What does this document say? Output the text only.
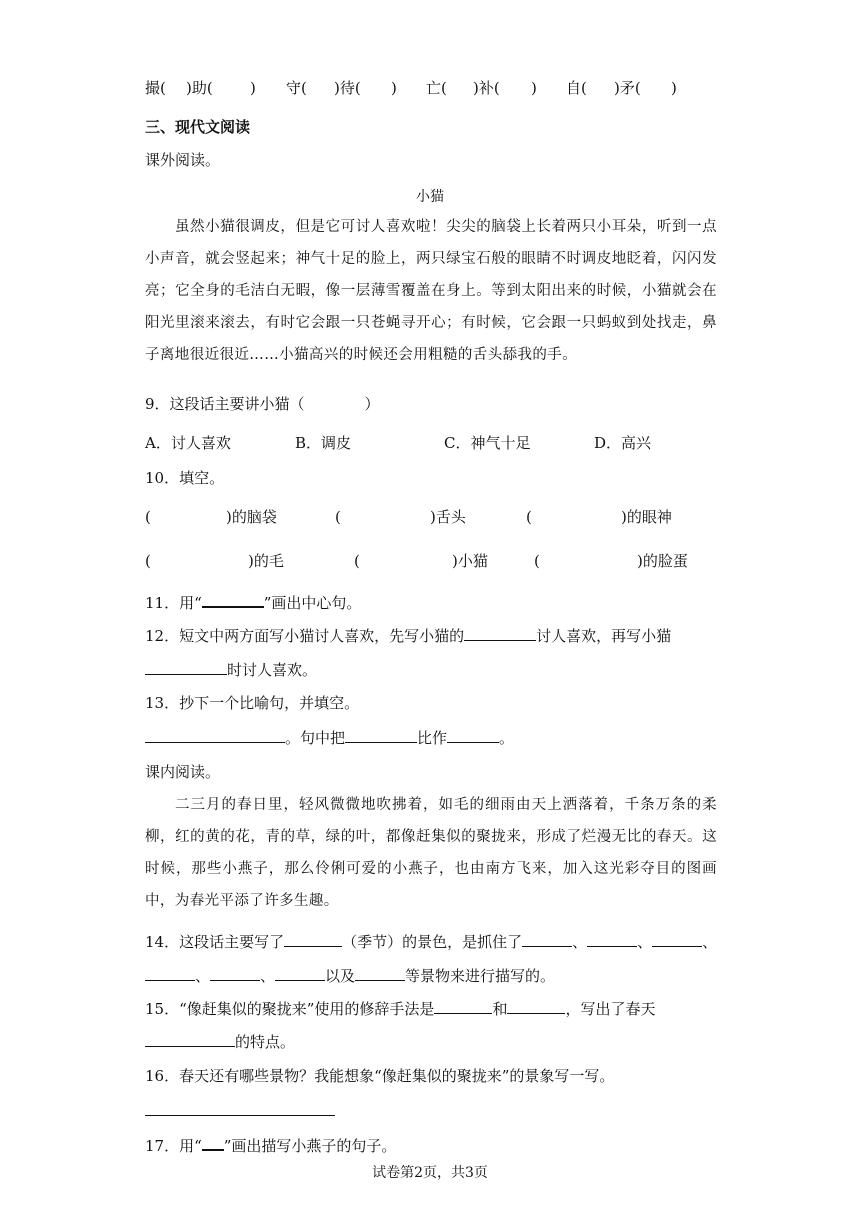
撮( )助( ) 守( )待( ) 亡( )补( ) 自( )矛( )
三、现代文阅读
课外阅读。
小猫
虽然小猫很调皮，但是它可讨人喜欢啦！尖尖的脑袋上长着两只小耳朵，听到一点小声音，就会竖起来；神气十足的脸上，两只绿宝石般的眼睛不时调皮地眨着，闪闪发亮；它全身的毛洁白无暇，像一层薄雪覆盖在身上。等到太阳出来的时候，小猫就会在阳光里滚来滚去，有时它会跟一只苍蝇寻开心；有时候，它会跟一只蚂蚁到处找走，鼻子离地很近很近……小猫高兴的时候还会用粗糙的舌头舔我的手。
9．这段话主要讲小猫（	）
A．讨人喜欢	B．调皮	C．神气十足	D．高兴
10．填空。
(	)的脑袋	(	)舌头	(	)的眼神
(	)的毛	(	)小猫	(	)的脸蛋
11．用“	”画出中心句。
12．短文中两方面写小猫讨人喜欢，先写小猫的	讨人喜欢，再写小猫
时讨人喜欢。
13．抄下一个比喻句，并填空。
。句中把	比作	。
课内阅读。
二三月的春日里，轻风微微地吹拂着，如毛的细雨由天上洒落着，千条万条的柔柳，红的黄的花，青的草，绿的叶，都像赶集似的聚拢来，形成了烂漫无比的春天。这时候，那些小燕子，那么伶俐可爱的小燕子，也由南方飞来，加入这光彩夺目的图画中，为春光平添了许多生趣。
14．这段话主要写了	（季节）的景色，是抓住了	、	、	、
、	、	以及	等景物来进行描写的。
15．“像赶集似的聚拢来”使用的修辞手法是	和	，写出了春天
的特点。
16．春天还有哪些景物？我能想象“像赶集似的聚拢来”的景象写一写。
17．用“ ”画出描写小燕子的句子。
试卷第2页，共3页
